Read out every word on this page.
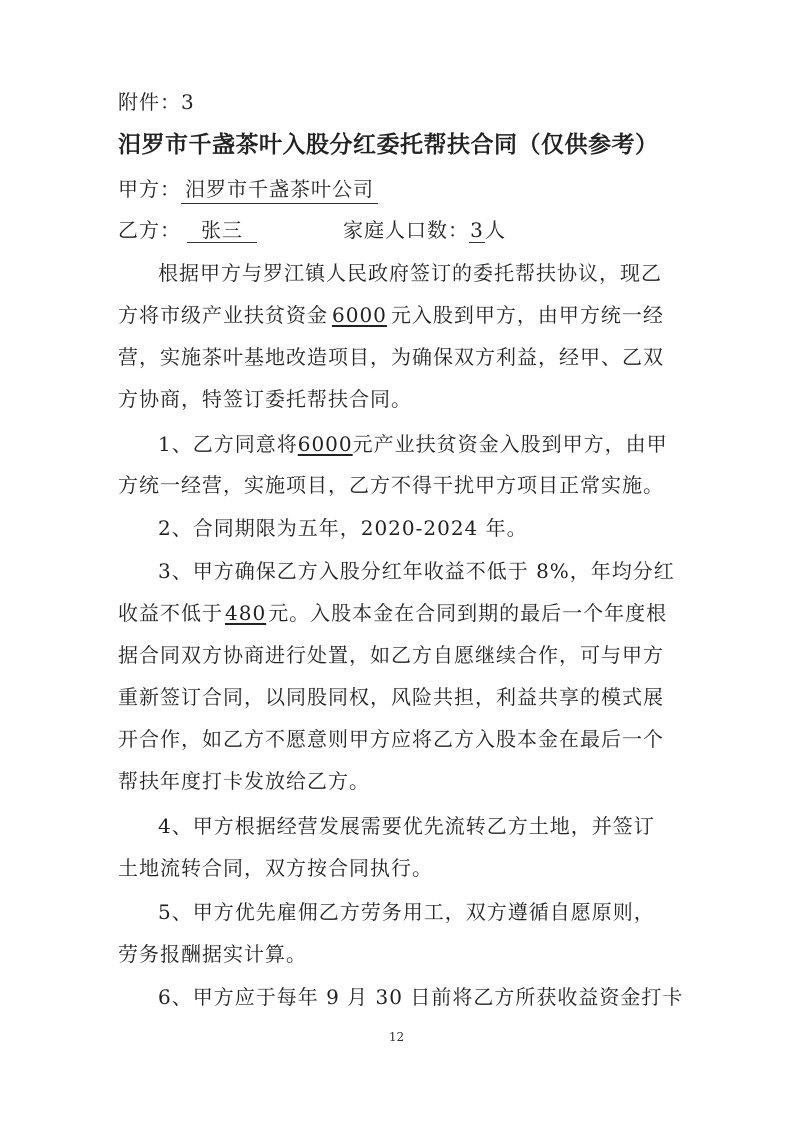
附件：3
汨罗市千盏茶叶入股分红委托帮扶合同（仅供参考）
甲方： 汨罗市千盏茶叶公司
乙方： 张三	家庭人口数：3人
根据甲方与罗江镇人民政府签订的委托帮扶协议，现乙
方将市级产业扶贫资金 6000 元入股到甲方，由甲方统一经
营，实施茶叶基地改造项目，为确保双方利益，经甲、乙双
方协商，特签订委托帮扶合同。
1、乙方同意将6000元产业扶贫资金入股到甲方，由甲
方统一经营，实施项目，乙方不得干扰甲方项目正常实施。
2、合同期限为五年，2020-2024 年。
3、甲方确保乙方入股分红年收益不低于 8%，年均分红
收益不低于 480 元。入股本金在合同到期的最后一个年度根
据合同双方协商进行处置，如乙方自愿继续合作，可与甲方
重新签订合同，以同股同权，风险共担，利益共享的模式展
开合作，如乙方不愿意则甲方应将乙方入股本金在最后一个
帮扶年度打卡发放给乙方。
4、甲方根据经营发展需要优先流转乙方土地，并签订
土地流转合同，双方按合同执行。
5、甲方优先雇佣乙方劳务用工，双方遵循自愿原则，
劳务报酬据实计算。
6、甲方应于每年 9 月 30 日前将乙方所获收益资金打卡
12
